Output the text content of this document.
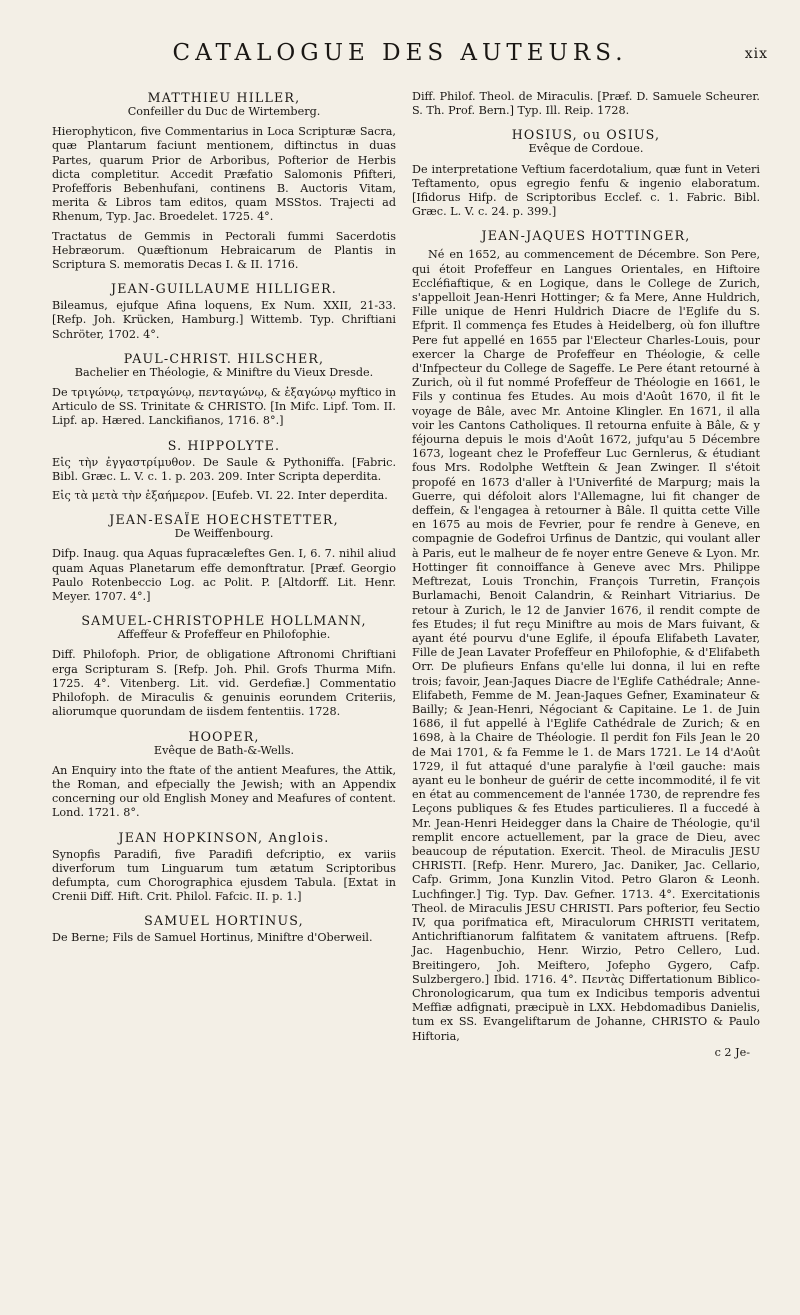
CATALOGUE DES AUTEURS.	xix
MATTHIEU HILLER,
Confeiller du Duc de Wirtemberg.
Hierophyticon, five Commentarius in Loca Scripturæ Sacra, quæ Plantarum faciunt mentionem, diftinctus in duas Partes, quarum Prior de Arboribus, Pofterior de Herbis dicta completitur. Accedit Præfatio Salomonis Pfifteri, Profefforis Bebenhufani, continens B. Auctoris Vitam, merita & Libros tam editos, quam MSStos. Trajecti ad Rhenum, Typ. Jac. Broedelet. 1725. 4°.
Tractatus de Gemmis in Pectorali fummi Sacerdotis Hebræorum. Quæftionum Hebraicarum de Plantis in Scriptura S. memoratis Decas I. & II. 1716.
JEAN-GUILLAUME HILLIGER.
Bileamus, ejufque Afina loquens, Ex Num. XXII, 21-33. [Refp. Joh. Krücken, Hamburg.] Wittemb. Typ. Chriftiani Schröter, 1702. 4°.
PAUL-CHRIST. HILSCHER,
Bachelier en Théologie, & Miniftre du Vieux Dresde.
De τριγώνῳ, τετραγώνῳ, πενταγώνῳ, & ἑξαγώνῳ myftico in Articulo de SS. Trinitate & CHRISTO. [In Mifc. Lipf. Tom. II. Lipf. ap. Hæred. Lanckifianos, 1716. 8°.]
S. HIPPOLYTE.
Εἰς τὴν ἐγγαστρίμυθον. De Saule & Pythoniffa. [Fabric. Bibl. Græc. L. V. c. 1. p. 203. 209. Inter Scripta deperdita.
Εἰς τὰ μετὰ τὴν ἑξαήμερον. [Eufeb. VI. 22. Inter deperdita.
JEAN-ESAÏE HOECHSTETTER,
De Weiffenbourg.
Difp. Inaug. qua Aquas fupracæleftes Gen. I, 6. 7. nihil aliud quam Aquas Planetarum effe demonftratur. [Præf. Georgio Paulo Rotenbeccio Log. ac Polit. P. [Altdorff. Lit. Henr. Meyer. 1707. 4°.]
SAMUEL-CHRISTOPHLE HOLLMANN,
Affeffeur & Profeffeur en Philofophie.
Diff. Philofoph. Prior, de obligatione Aftronomi Chriftiani erga Scripturam S. [Refp. Joh. Phil. Grofs Thurma Mifn. 1725. 4°. Vitenberg. Lit. vid. Gerdefiæ.] Commentatio Philofoph. de Miraculis & genuinis eorundem Criteriis, aliorumque quorundam de iisdem fententiis. 1728.
HOOPER,
Evêque de Bath-&-Wells.
An Enquiry into the ftate of the antient Meafures, the Attik, the Roman, and efpecially the Jewish; with an Appendix concerning our old English Money and Meafures of content. Lond. 1721. 8°.
JEAN HOPKINSON, Anglois.
Synopfis Paradifi, five Paradifi defcriptio, ex variis diverforum tum Linguarum tum ætatum Scriptoribus defumpta, cum Chorographica ejusdem Tabula. [Extat in Crenii Diff. Hift. Crit. Philol. Fafcic. II. p. 1.]
SAMUEL HORTINUS,
De Berne; Fils de Samuel Hortinus, Miniftre d'Oberweil.
Diff. Philof. Theol. de Miraculis. [Præf. D. Samuele Scheurer. S. Th. Prof. Bern.] Typ. Ill. Reip. 1728.
HOSIUS, ou OSIUS,
Evêque de Cordoue.
De interpretatione Veftium facerdotalium, quæ funt in Veteri Teftamento, opus egregio fenfu & ingenio elaboratum. [Ifidorus Hifp. de Scriptoribus Ecclef. c. 1. Fabric. Bibl. Græc. L. V. c. 24. p. 399.]
JEAN-JAQUES HOTTINGER,
Né en 1652, au commencement de Décembre. Son Pere, qui étoit Profeffeur en Langues Orientales, en Hiftoire Eccléfiaftique, & en Logique, dans le College de Zurich, s'appelloit Jean-Henri Hottinger; & fa Mere, Anne Huldrich, Fille unique de Henri Huldrich Diacre de l'Eglife du S. Efprit. Il commença fes Etudes à Heidelberg, où fon illuftre Pere fut appellé en 1655 par l'Electeur Charles-Louis, pour exercer la Charge de Profeffeur en Théologie, & celle d'Infpecteur du College de Sageffe. Le Pere étant retourné à Zurich, où il fut nommé Profeffeur de Théologie en 1661, le Fils y continua fes Etudes. Au mois d'Août 1670, il fit le voyage de Bâle, avec Mr. Antoine Klingler. En 1671, il alla voir les Cantons Catholiques. Il retourna enfuite à Bâle, & y féjourna depuis le mois d'Août 1672, jufqu'au 5 Décembre 1673, logeant chez le Profeffeur Luc Gernlerus, & étudiant fous Mrs. Rodolphe Wetftein & Jean Zwinger. Il s'étoit propofé en 1673 d'aller à l'Univerfité de Marpurg; mais la Guerre, qui défoloit alors l'Allemagne, lui fit changer de deffein, & l'engagea à retourner à Bâle. Il quitta cette Ville en 1675 au mois de Fevrier, pour fe rendre à Geneve, en compagnie de Godefroi Urfinus de Dantzic, qui voulant aller à Paris, eut le malheur de fe noyer entre Geneve & Lyon. Mr. Hottinger fit connoiffance à Geneve avec Mrs. Philippe Meftrezat, Louis Tronchin, François Turretin, François Burlamachi, Benoit Calandrin, & Reinhart Vitriarius. De retour à Zurich, le 12 de Janvier 1676, il rendit compte de fes Etudes; il fut reçu Miniftre au mois de Mars fuivant, & ayant été pourvu d'une Eglife, il époufa Elifabeth Lavater, Fille de Jean Lavater Profeffeur en Philofophie, & d'Elifabeth Orr. De plufieurs Enfans qu'elle lui donna, il lui en refte trois; favoir, Jean-Jaques Diacre de l'Eglife Cathédrale; Anne-Elifabeth, Femme de M. Jean-Jaques Gefner, Examinateur & Bailly; & Jean-Henri, Négociant & Capitaine. Le 1. de Juin 1686, il fut appellé à l'Eglife Cathédrale de Zurich; & en 1698, à la Chaire de Théologie. Il perdit fon Fils Jean le 20 de Mai 1701, & fa Femme le 1. de Mars 1721. Le 14 d'Août 1729, il fut attaqué d'une paralyfie à l'œil gauche: mais ayant eu le bonheur de guérir de cette incommodité, il fe vit en état au commencement de l'année 1730, de reprendre fes Leçons publiques & fes Etudes particulieres. Il a fuccedé à Mr. Jean-Henri Heidegger dans la Chaire de Théologie, qu'il remplit encore actuellement, par la grace de Dieu, avec beaucoup de réputation. Exercit. Theol. de Miraculis JESU CHRISTI. [Refp. Henr. Murero, Jac. Daniker, Jac. Cellario, Cafp. Grimm, Jona Kunzlin Vitod. Petro Glaron & Leonh. Luchfinger.] Tig. Typ. Dav. Gefner. 1713. 4°. Exercitationis Theol. de Miraculis JESU CHRISTI. Pars pofterior, feu Sectio IV, qua porifmatica eft, Miraculorum CHRISTI veritatem, Antichriftianorum falfitatem & vanitatem aftruens. [Refp. Jac. Hagenbuchio, Henr. Wirzio, Petro Cellero, Lud. Breitingero, Joh. Meiftero, Jofepho Gygero, Cafp. Sulzbergero.] Ibid. 1716. 4°. Πεντὰς Differtationum Biblico-Chronologicarum, qua tum ex Indicibus temporis adventui Meffiæ adfignati, præcipuè in LXX. Hebdomadibus Danielis, tum ex SS. Evangeliftarum de Johanne, CHRISTO & Paulo Hiftoria,
c 2 Je-
